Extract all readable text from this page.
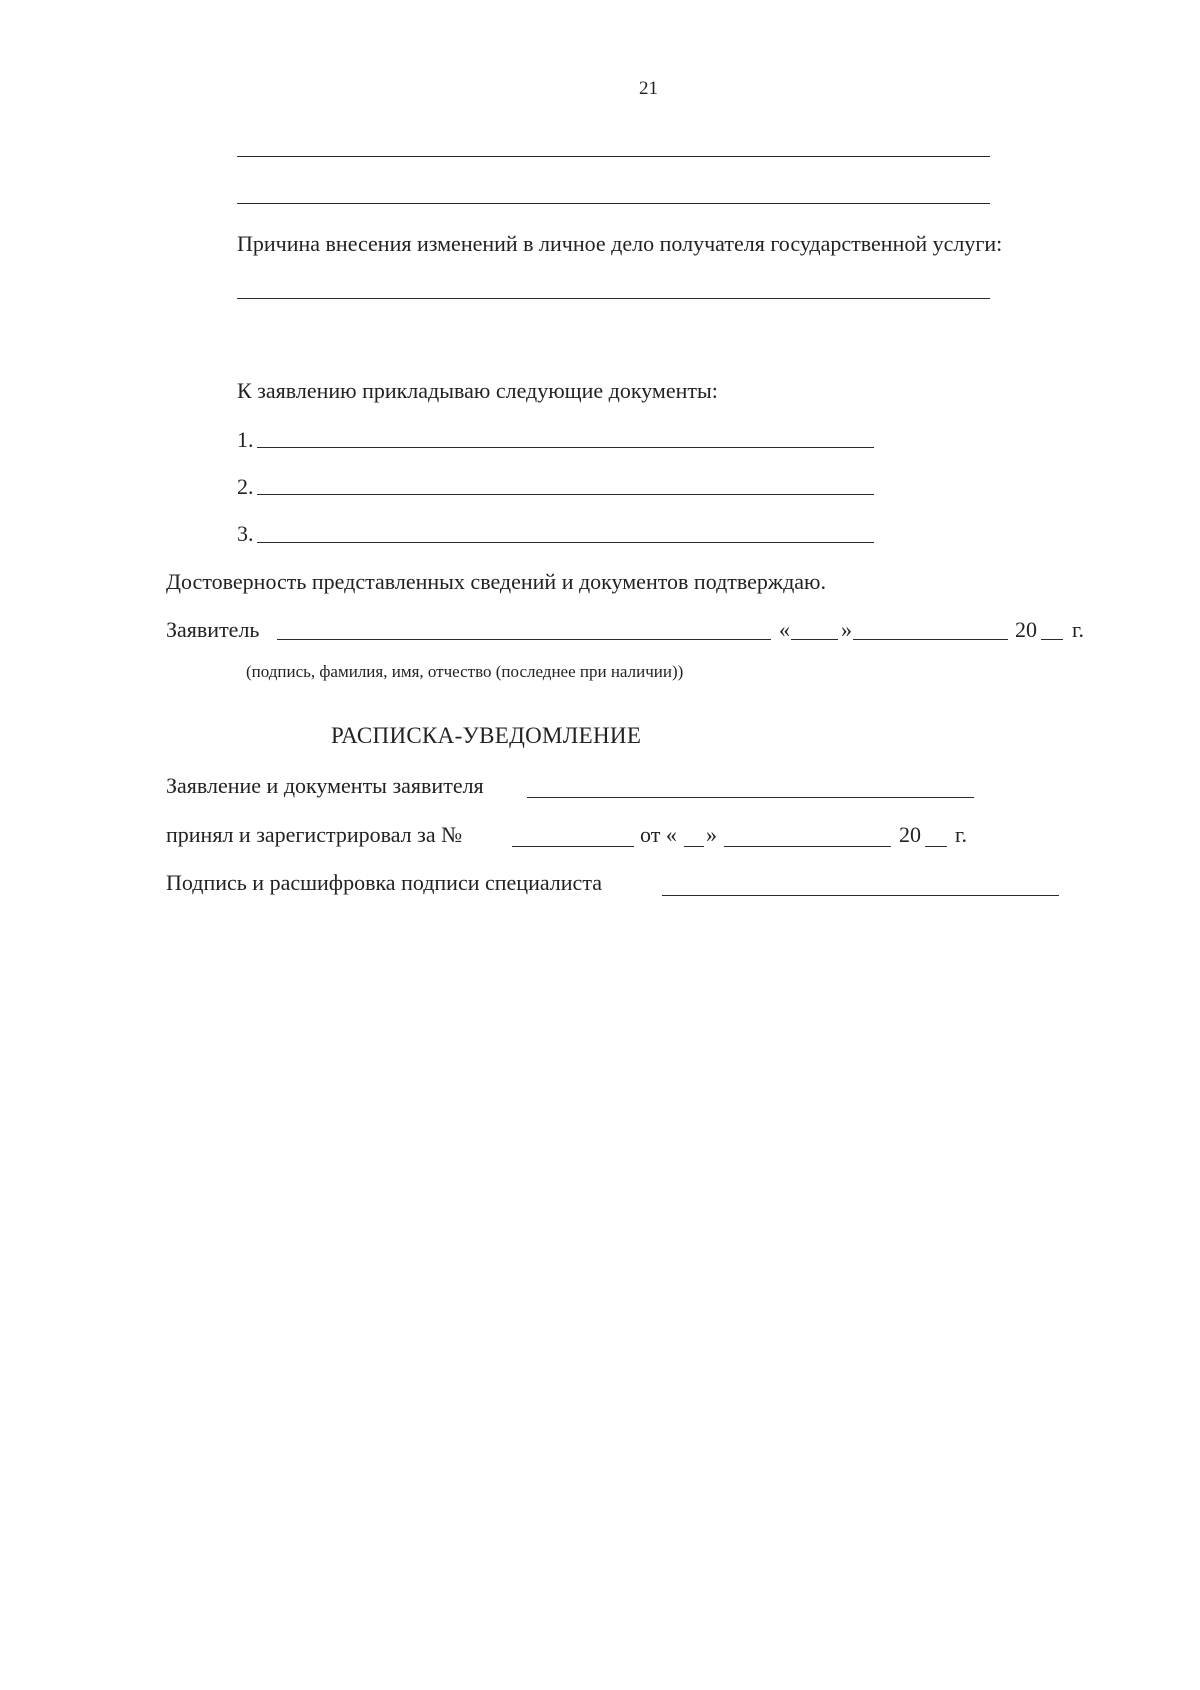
21
Причина внесения изменений в личное дело получателя государственной услуги:
К заявлению прикладываю следующие документы:
1.
2.
3.
Достоверность представленных сведений и документов подтверждаю.
Заявитель	« »	20 г.
(подпись, фамилия, имя, отчество (последнее при наличии))
РАСПИСКА-УВЕДОМЛЕНИЕ
Заявление и документы заявителя
принял и зарегистрировал за №	от « »	20 г.
Подпись и расшифровка подписи специалиста
